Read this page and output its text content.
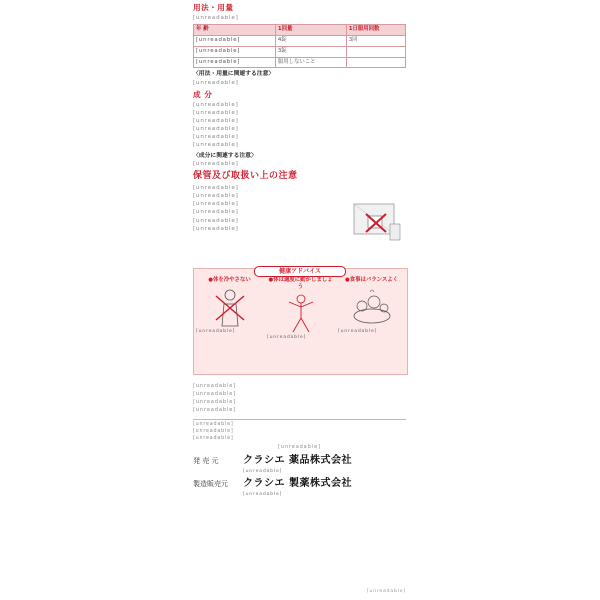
用法・用量

[unreadable]

年 齢	1回量	1日服用回数
[unreadable]	4錠	3回
[unreadable]	3錠	
[unreadable]	服用しないこと	
〈用法・用量に関連する注意〉

[unreadable]

成 分

[unreadable]

[unreadable]

[unreadable]

[unreadable]

[unreadable]

[unreadable]

〈成分に関連する注意〉

[unreadable]

保管及び取扱い上の注意

[unreadable]

[unreadable]

[unreadable]

[unreadable]

[unreadable]

[unreadable]

健康アドバイス
●体を冷やさない
[unreadable]
●体は適度に動かしましょう
[unreadable]
●食事はバランスよく
[unreadable]
[unreadable]
[unreadable]
[unreadable]
[unreadable]
[unreadable]
[unreadable]
[unreadable]
[unreadable]
発 売 元	クラシエ 薬品株式会社
[unreadable]
製造販売元	クラシエ 製薬株式会社
[unreadable]
[unreadable]
